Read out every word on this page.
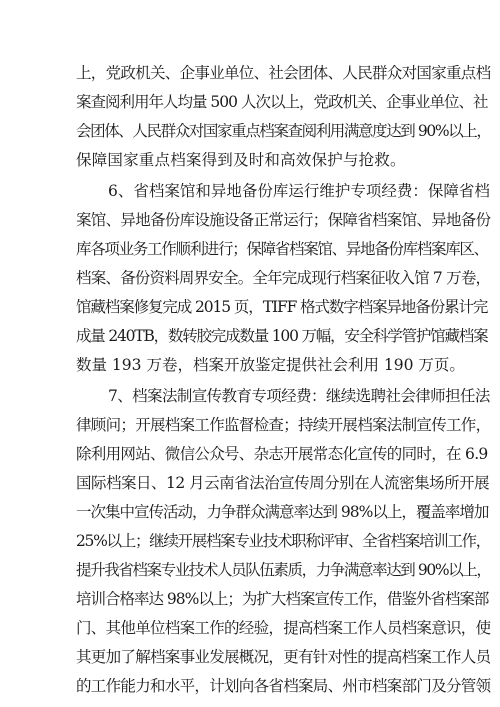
上，党政机关、企事业单位、社会团体、人民群众对国家重点档
案查阅利用年人均量 500 人次以上，党政机关、企事业单位、社
会团体、人民群众对国家重点档案查阅利用满意度达到 90%以上，
保障国家重点档案得到及时和高效保护与抢救。
6、省档案馆和异地备份库运行维护专项经费：保障省档
案馆、异地备份库设施设备正常运行；保障省档案馆、异地备份
库各项业务工作顺利进行；保障省档案馆、异地备份库档案库区、
档案、备份资料周界安全。全年完成现行档案征收入馆 7 万卷，
馆藏档案修复完成 2015 页，TIFF 格式数字档案异地备份累计完
成量 240TB，数转胶完成数量 100 万幅，安全科学管护馆藏档案
数量 193 万卷，档案开放鉴定提供社会利用 190 万页。
7、档案法制宣传教育专项经费：继续选聘社会律师担任法
律顾问；开展档案工作监督检查；持续开展档案法制宣传工作，
除利用网站、微信公众号、杂志开展常态化宣传的同时，在 6.9
国际档案日、12 月云南省法治宣传周分别在人流密集场所开展
一次集中宣传活动，力争群众满意率达到 98%以上，覆盖率增加
25%以上；继续开展档案专业技术职称评审、全省档案培训工作，
提升我省档案专业技术人员队伍素质，力争满意率达到 90%以上，
培训合格率达 98%以上；为扩大档案宣传工作，借鉴外省档案部
门、其他单位档案工作的经验，提高档案工作人员档案意识，使
其更加了解档案事业发展概况，更有针对性的提高档案工作人员
的工作能力和水平，计划向各省档案局、州市档案部门及分管领
